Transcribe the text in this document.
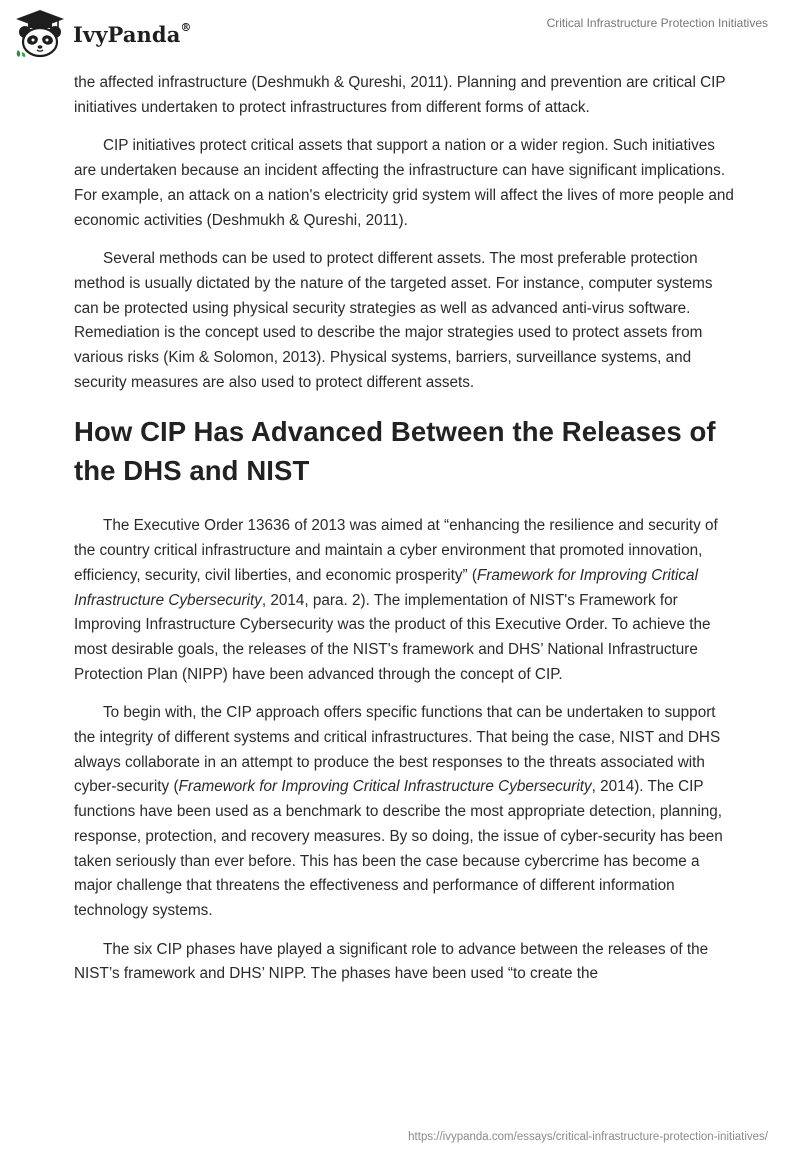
IvyPanda®	Critical Infrastructure Protection Initiatives

the affected infrastructure (Deshmukh & Qureshi, 2011). Planning and prevention are critical CIP initiatives undertaken to protect infrastructures from different forms of attack.

CIP initiatives protect critical assets that support a nation or a wider region. Such initiatives are undertaken because an incident affecting the infrastructure can have significant implications. For example, an attack on a nation's electricity grid system will affect the lives of more people and economic activities (Deshmukh & Qureshi, 2011).

Several methods can be used to protect different assets. The most preferable protection method is usually dictated by the nature of the targeted asset. For instance, computer systems can be protected using physical security strategies as well as advanced anti-virus software. Remediation is the concept used to describe the major strategies used to protect assets from various risks (Kim & Solomon, 2013). Physical systems, barriers, surveillance systems, and security measures are also used to protect different assets.

How CIP Has Advanced Between the Releases of the DHS and NIST

The Executive Order 13636 of 2013 was aimed at “enhancing the resilience and security of the country critical infrastructure and maintain a cyber environment that promoted innovation, efficiency, security, civil liberties, and economic prosperity” (Framework for Improving Critical Infrastructure Cybersecurity, 2014, para. 2). The implementation of NIST's Framework for Improving Infrastructure Cybersecurity was the product of this Executive Order. To achieve the most desirable goals, the releases of the NIST's framework and DHS’ National Infrastructure Protection Plan (NIPP) have been advanced through the concept of CIP.

To begin with, the CIP approach offers specific functions that can be undertaken to support the integrity of different systems and critical infrastructures. That being the case, NIST and DHS always collaborate in an attempt to produce the best responses to the threats associated with cyber-security (Framework for Improving Critical Infrastructure Cybersecurity, 2014). The CIP functions have been used as a benchmark to describe the most appropriate detection, planning, response, protection, and recovery measures. By so doing, the issue of cyber-security has been taken seriously than ever before. This has been the case because cybercrime has become a major challenge that threatens the effectiveness and performance of different information technology systems.

The six CIP phases have played a significant role to advance between the releases of the NIST’s framework and DHS’ NIPP. The phases have been used “to create the

https://ivypanda.com/essays/critical-infrastructure-protection-initiatives/
